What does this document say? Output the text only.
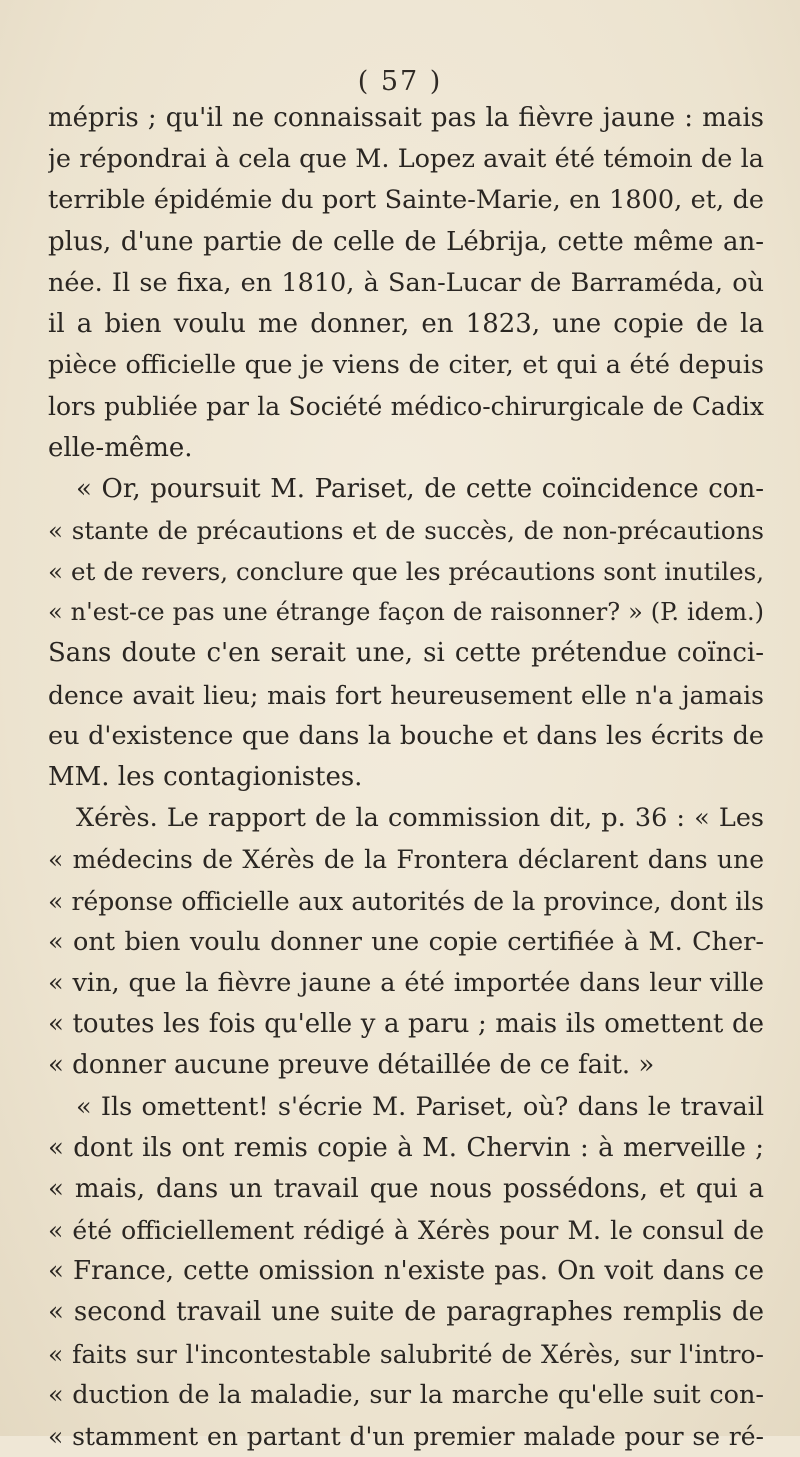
( 57 )
mépris ; qu'il ne connaissait pas la fièvre jaune : mais
je répondrai à cela que M. Lopez avait été témoin de la
terrible épidémie du port Sainte-Marie, en 1800, et, de
plus, d'une partie de celle de Lébrija, cette même an-
née. Il se fixa, en 1810, à San-Lucar de Barraméda, où
il a bien voulu me donner, en 1823, une copie de la
pièce officielle que je viens de citer, et qui a été depuis
lors publiée par la Société médico-chirurgicale de Cadix
elle-même.
« Or, poursuit M. Pariset, de cette coïncidence con-
« stante de précautions et de succès, de non-précautions
« et de revers, conclure que les précautions sont inutiles,
« n'est-ce pas une étrange façon de raisonner? » (P. idem.)
Sans doute c'en serait une, si cette prétendue coïnci-
dence avait lieu; mais fort heureusement elle n'a jamais
eu d'existence que dans la bouche et dans les écrits de
MM. les contagionistes.
Xérès. Le rapport de la commission dit, p. 36 : « Les
« médecins de Xérès de la Frontera déclarent dans une
« réponse officielle aux autorités de la province, dont ils
« ont bien voulu donner une copie certifiée à M. Cher-
« vin, que la fièvre jaune a été importée dans leur ville
« toutes les fois qu'elle y a paru ; mais ils omettent de
« donner aucune preuve détaillée de ce fait. »
« Ils omettent! s'écrie M. Pariset, où? dans le travail
« dont ils ont remis copie à M. Chervin : à merveille ;
« mais, dans un travail que nous possédons, et qui a
« été officiellement rédigé à Xérès pour M. le consul de
« France, cette omission n'existe pas. On voit dans ce
« second travail une suite de paragraphes remplis de
« faits sur l'incontestable salubrité de Xérès, sur l'intro-
« duction de la maladie, sur la marche qu'elle suit con-
« stamment en partant d'un premier malade pour se ré-
